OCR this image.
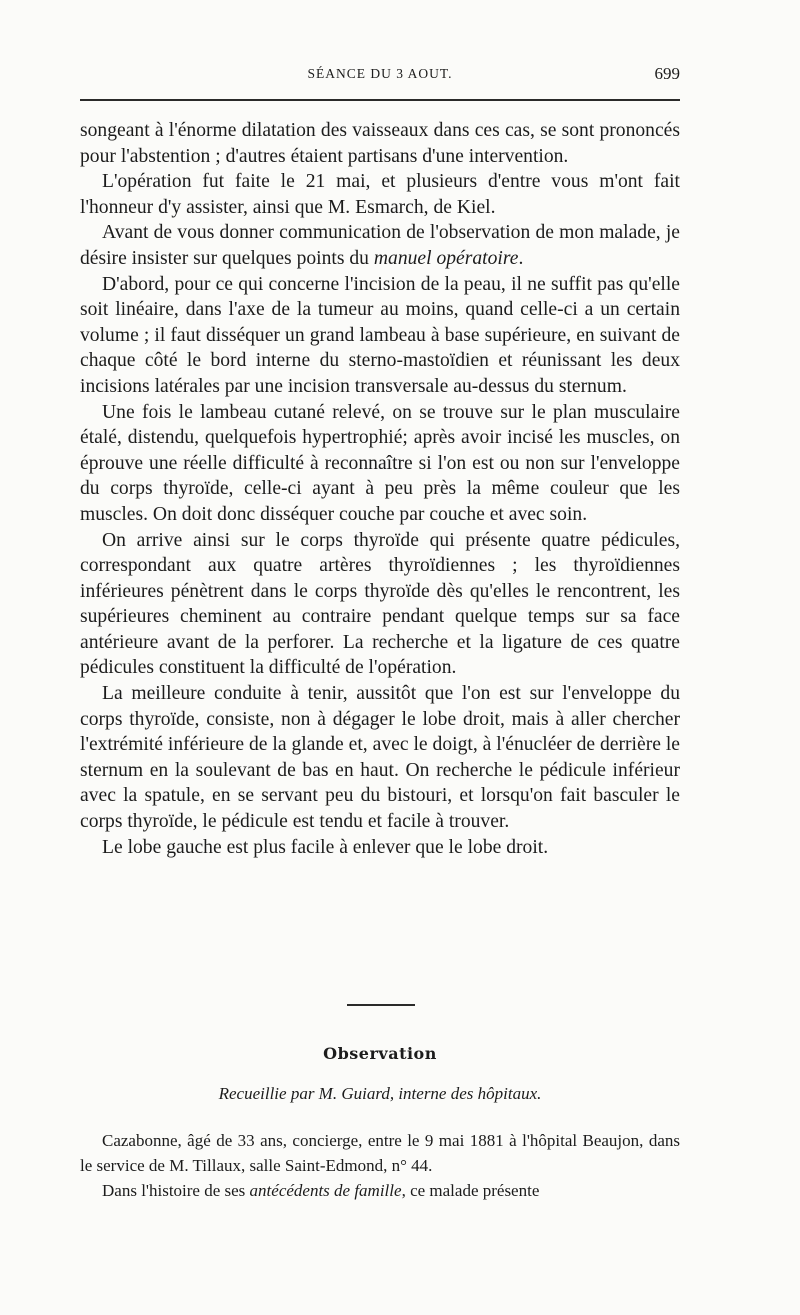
SÉANCE DU 3 AOUT.	699

songeant à l'énorme dilatation des vaisseaux dans ces cas, se sont prononcés pour l'abstention ; d'autres étaient partisans d'une intervention.

L'opération fut faite le 21 mai, et plusieurs d'entre vous m'ont fait l'honneur d'y assister, ainsi que M. Esmarch, de Kiel.

Avant de vous donner communication de l'observation de mon malade, je désire insister sur quelques points du manuel opératoire.

D'abord, pour ce qui concerne l'incision de la peau, il ne suffit pas qu'elle soit linéaire, dans l'axe de la tumeur au moins, quand celle-ci a un certain volume ; il faut disséquer un grand lambeau à base supérieure, en suivant de chaque côté le bord interne du sterno-mastoïdien et réunissant les deux incisions latérales par une incision transversale au-dessus du sternum.

Une fois le lambeau cutané relevé, on se trouve sur le plan musculaire étalé, distendu, quelquefois hypertrophié; après avoir incisé les muscles, on éprouve une réelle difficulté à reconnaître si l'on est ou non sur l'enveloppe du corps thyroïde, celle-ci ayant à peu près la même couleur que les muscles. On doit donc disséquer couche par couche et avec soin.

On arrive ainsi sur le corps thyroïde qui présente quatre pédicules, correspondant aux quatre artères thyroïdiennes ; les thyroïdiennes inférieures pénètrent dans le corps thyroïde dès qu'elles le rencontrent, les supérieures cheminent au contraire pendant quelque temps sur sa face antérieure avant de la perforer. La recherche et la ligature de ces quatre pédicules constituent la difficulté de l'opération.

La meilleure conduite à tenir, aussitôt que l'on est sur l'enveloppe du corps thyroïde, consiste, non à dégager le lobe droit, mais à aller chercher l'extrémité inférieure de la glande et, avec le doigt, à l'énucléer de derrière le sternum en la soulevant de bas en haut. On recherche le pédicule inférieur avec la spatule, en se servant peu du bistouri, et lorsqu'on fait basculer le corps thyroïde, le pédicule est tendu et facile à trouver.

Le lobe gauche est plus facile à enlever que le lobe droit.

Observation
Recueillie par M. Guiard, interne des hôpitaux.

Cazabonne, âgé de 33 ans, concierge, entre le 9 mai 1881 à l'hôpital Beaujon, dans le service de M. Tillaux, salle Saint-Edmond, n° 44.

Dans l'histoire de ses antécédents de famille, ce malade présente
